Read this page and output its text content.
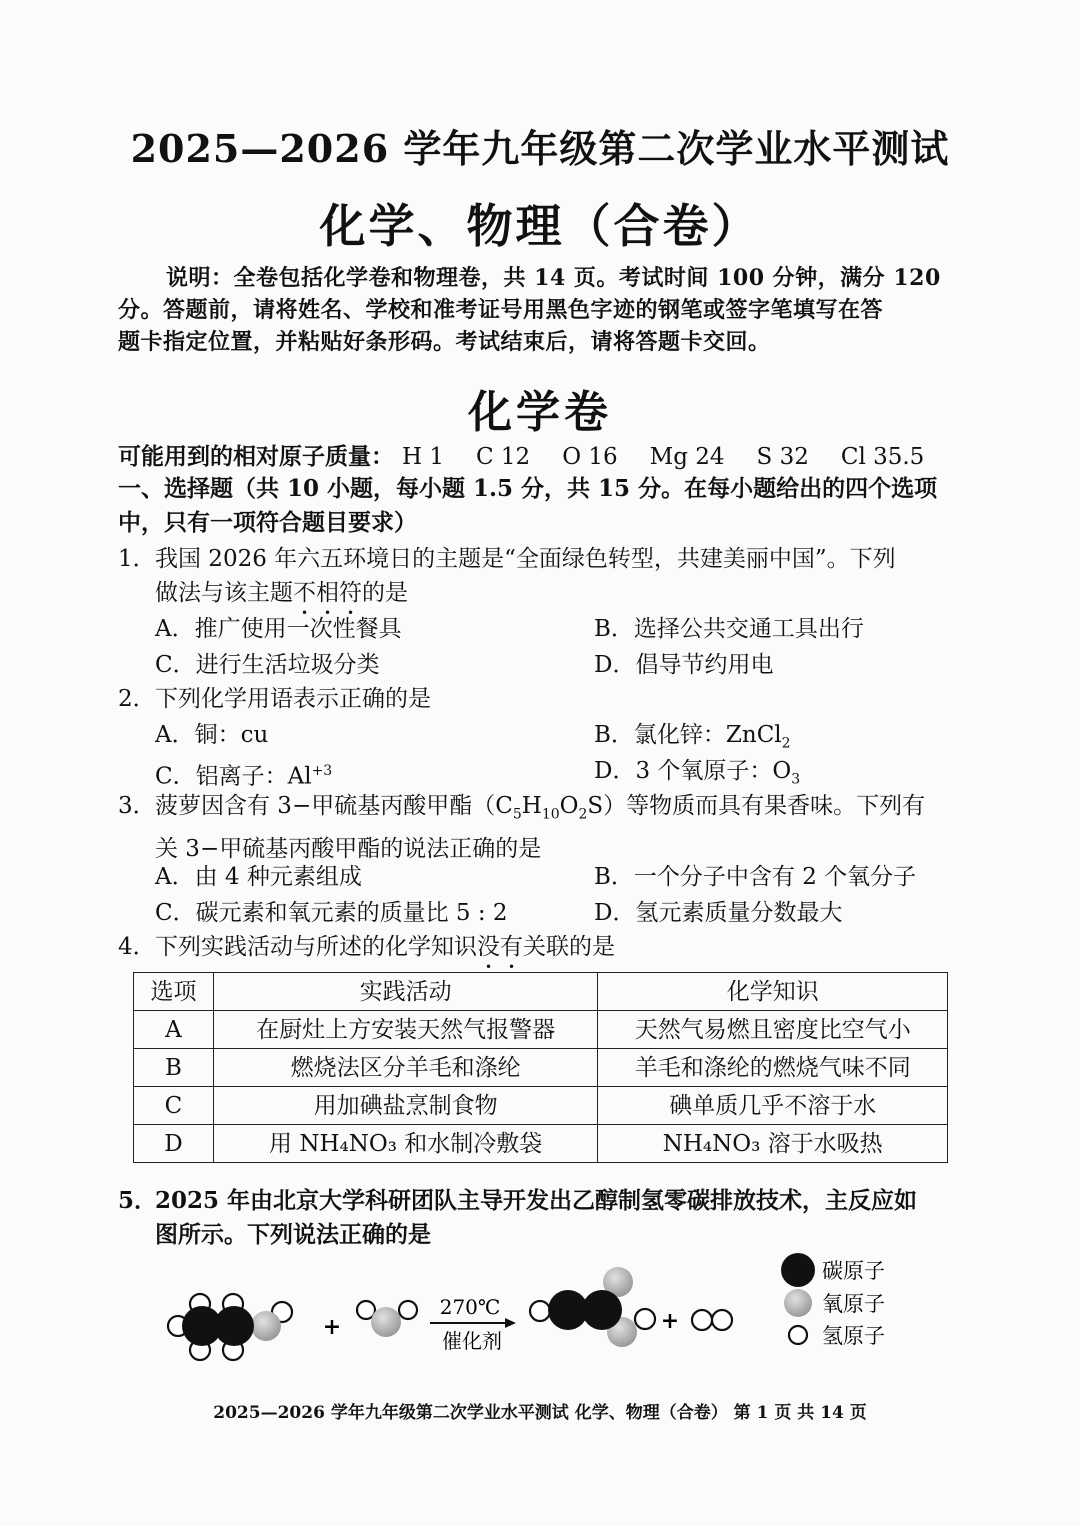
2025—2026 学年九年级第二次学业水平测试
化学、物理（合卷）
说明：全卷包括化学卷和物理卷，共 14 页。考试时间 100 分钟，满分 120
分。答题前，请将姓名、学校和准考证号用黑色字迹的钢笔或签字笔填写在答
题卡指定位置，并粘贴好条形码。考试结束后，请将答题卡交回。
化学卷
可能用到的相对原子质量： H 1 C 12 O 16 Mg 24 S 32 Cl 35.5
一、选择题（共 10 小题，每小题 1.5 分，共 15 分。在每小题给出的四个选项
中，只有一项符合题目要求）
1． 我国 2026 年六五环境日的主题是“全面绿色转型，共建美丽中国”。下列
做法与该主题不相符的是
A．推广使用一次性餐具	B．选择公共交通工具出行
C．进行生活垃圾分类	D．倡导节约用电
2． 下列化学用语表示正确的是
A．铜：cu	B．氯化锌：ZnCl$_2$
C．铝离子：$Al^{+3}$	D．3 个氧原子：$O_3$
3． 菠萝因含有 3−甲硫基丙酸甲酯$(C_5H_{10}O_2S)$等物质而具有果香味。下列有
关 3−甲硫基丙酸甲酯的说法正确的是
A．由 4 种元素组成	B．一个分子中含有 2 个氧分子
C．碳元素和氧元素的质量比 5 : 2	D．氢元素质量分数最大
4． 下列实践活动与所述的化学知识没有关联的是
选项	实践活动	化学知识
A	在厨灶上方安装天然气报警器	天然气易燃且密度比空气小
B	燃烧法区分羊毛和涤纶	羊毛和涤纶的燃烧气味不同
C	用加碘盐烹制食物	碘单质几乎不溶于水
D	用 NH₄NO₃ 和水制冷敷袋	NH₄NO₃ 溶于水吸热
5．
2025 年由北京大学科研团队主导开发出乙醇制氢零碳排放技术，主反应如
图所示。下列说法正确的是
+
270℃
催化剂
+
碳原子
氧原子
氢原子
2025—2026 学年九年级第二次学业水平测试 化学、物理（合卷） 第 1 页 共 14 页
